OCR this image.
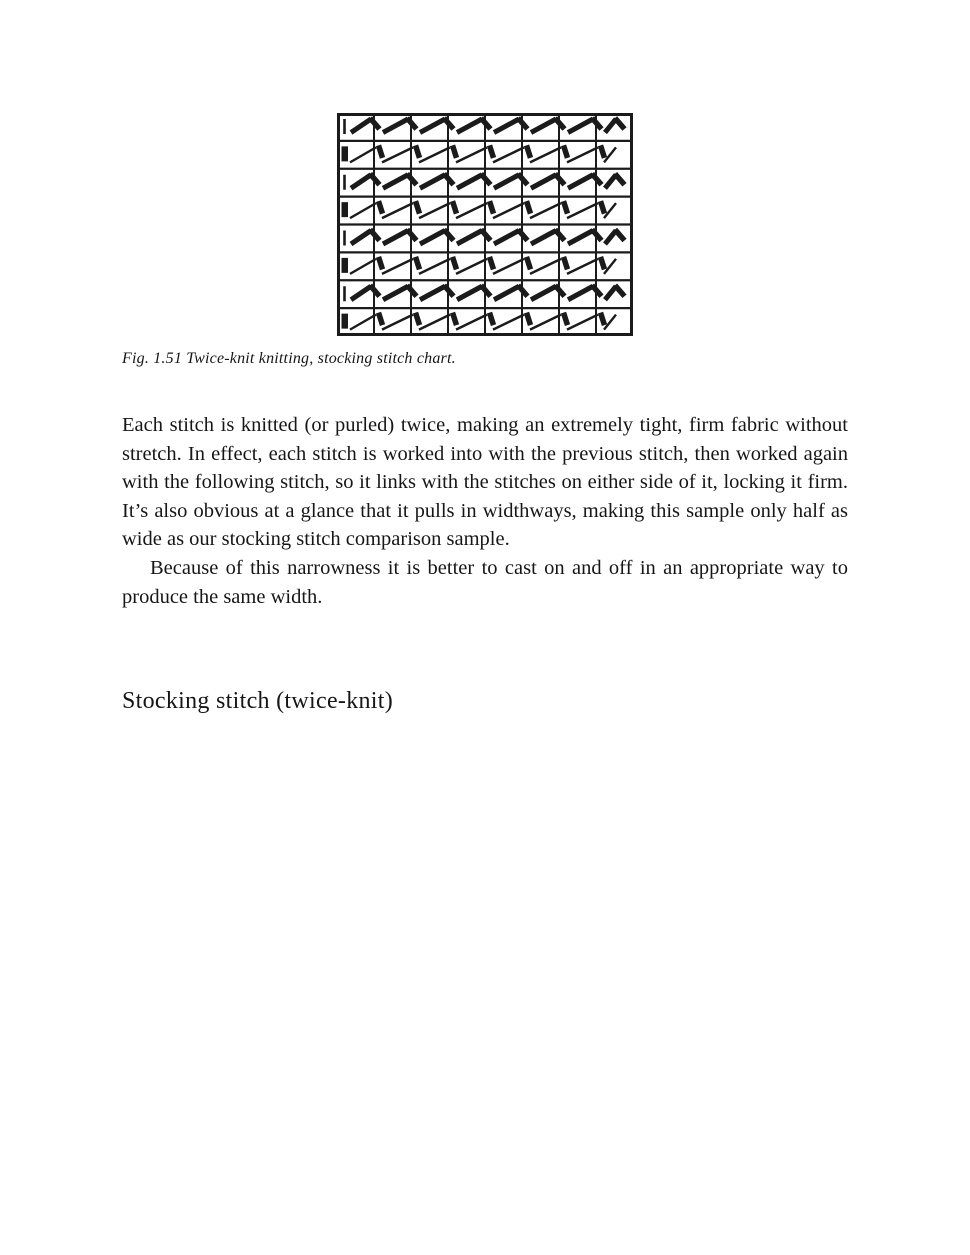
Fig. 1.51 Twice-knit knitting, stocking stitch chart.

Each stitch is knitted (or purled) twice, making an extremely tight, firm fabric without stretch. In effect, each stitch is worked into with the previous stitch, then worked again with the following stitch, so it links with the stitches on either side of it, locking it firm. It’s also obvious at a glance that it pulls in widthways, making this sample only half as wide as our stocking stitch comparison sample.

Because of this narrowness it is better to cast on and off in an appropriate way to produce the same width.

Stocking stitch (twice-knit)
